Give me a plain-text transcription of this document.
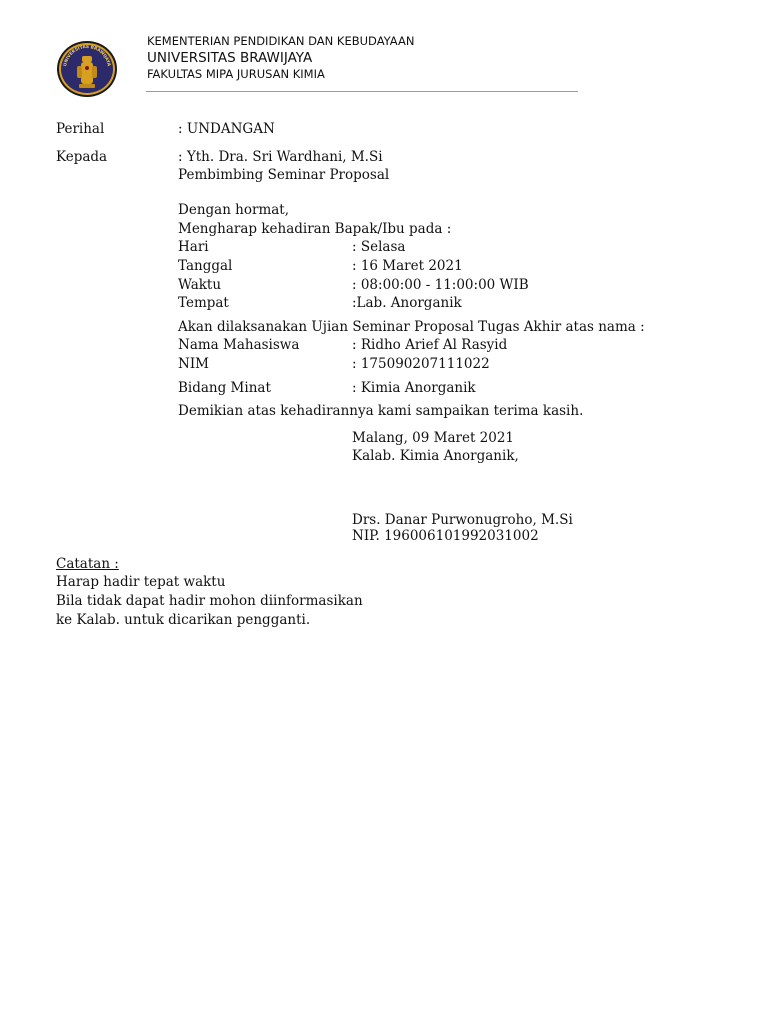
UNIVERSITAS BRAWIJAYA
KEMENTERIAN PENDIDIKAN DAN KEBUDAYAAN
UNIVERSITAS BRAWIJAYA
FAKULTAS MIPA JURUSAN KIMIA
Perihal	: UNDANGAN
Kepada	: Yth. Dra. Sri Wardhani, M.Si
Pembimbing Seminar Proposal
Dengan hormat,
Mengharap kehadiran Bapak/Ibu pada :
Hari	: Selasa
Tanggal	: 16 Maret 2021
Waktu	: 08:00:00 - 11:00:00 WIB
Tempat	:Lab. Anorganik
Akan dilaksanakan Ujian Seminar Proposal Tugas Akhir atas nama :
Nama Mahasiswa	: Ridho Arief Al Rasyid
NIM	: 175090207111022
Bidang Minat	: Kimia Anorganik
Demikian atas kehadirannya kami sampaikan terima kasih.
Malang, 09 Maret 2021
Kalab. Kimia Anorganik,
Drs. Danar Purwonugroho, M.Si
NIP. 196006101992031002
Catatan :
Harap hadir tepat waktu
Bila tidak dapat hadir mohon diinformasikan
ke Kalab. untuk dicarikan pengganti.
